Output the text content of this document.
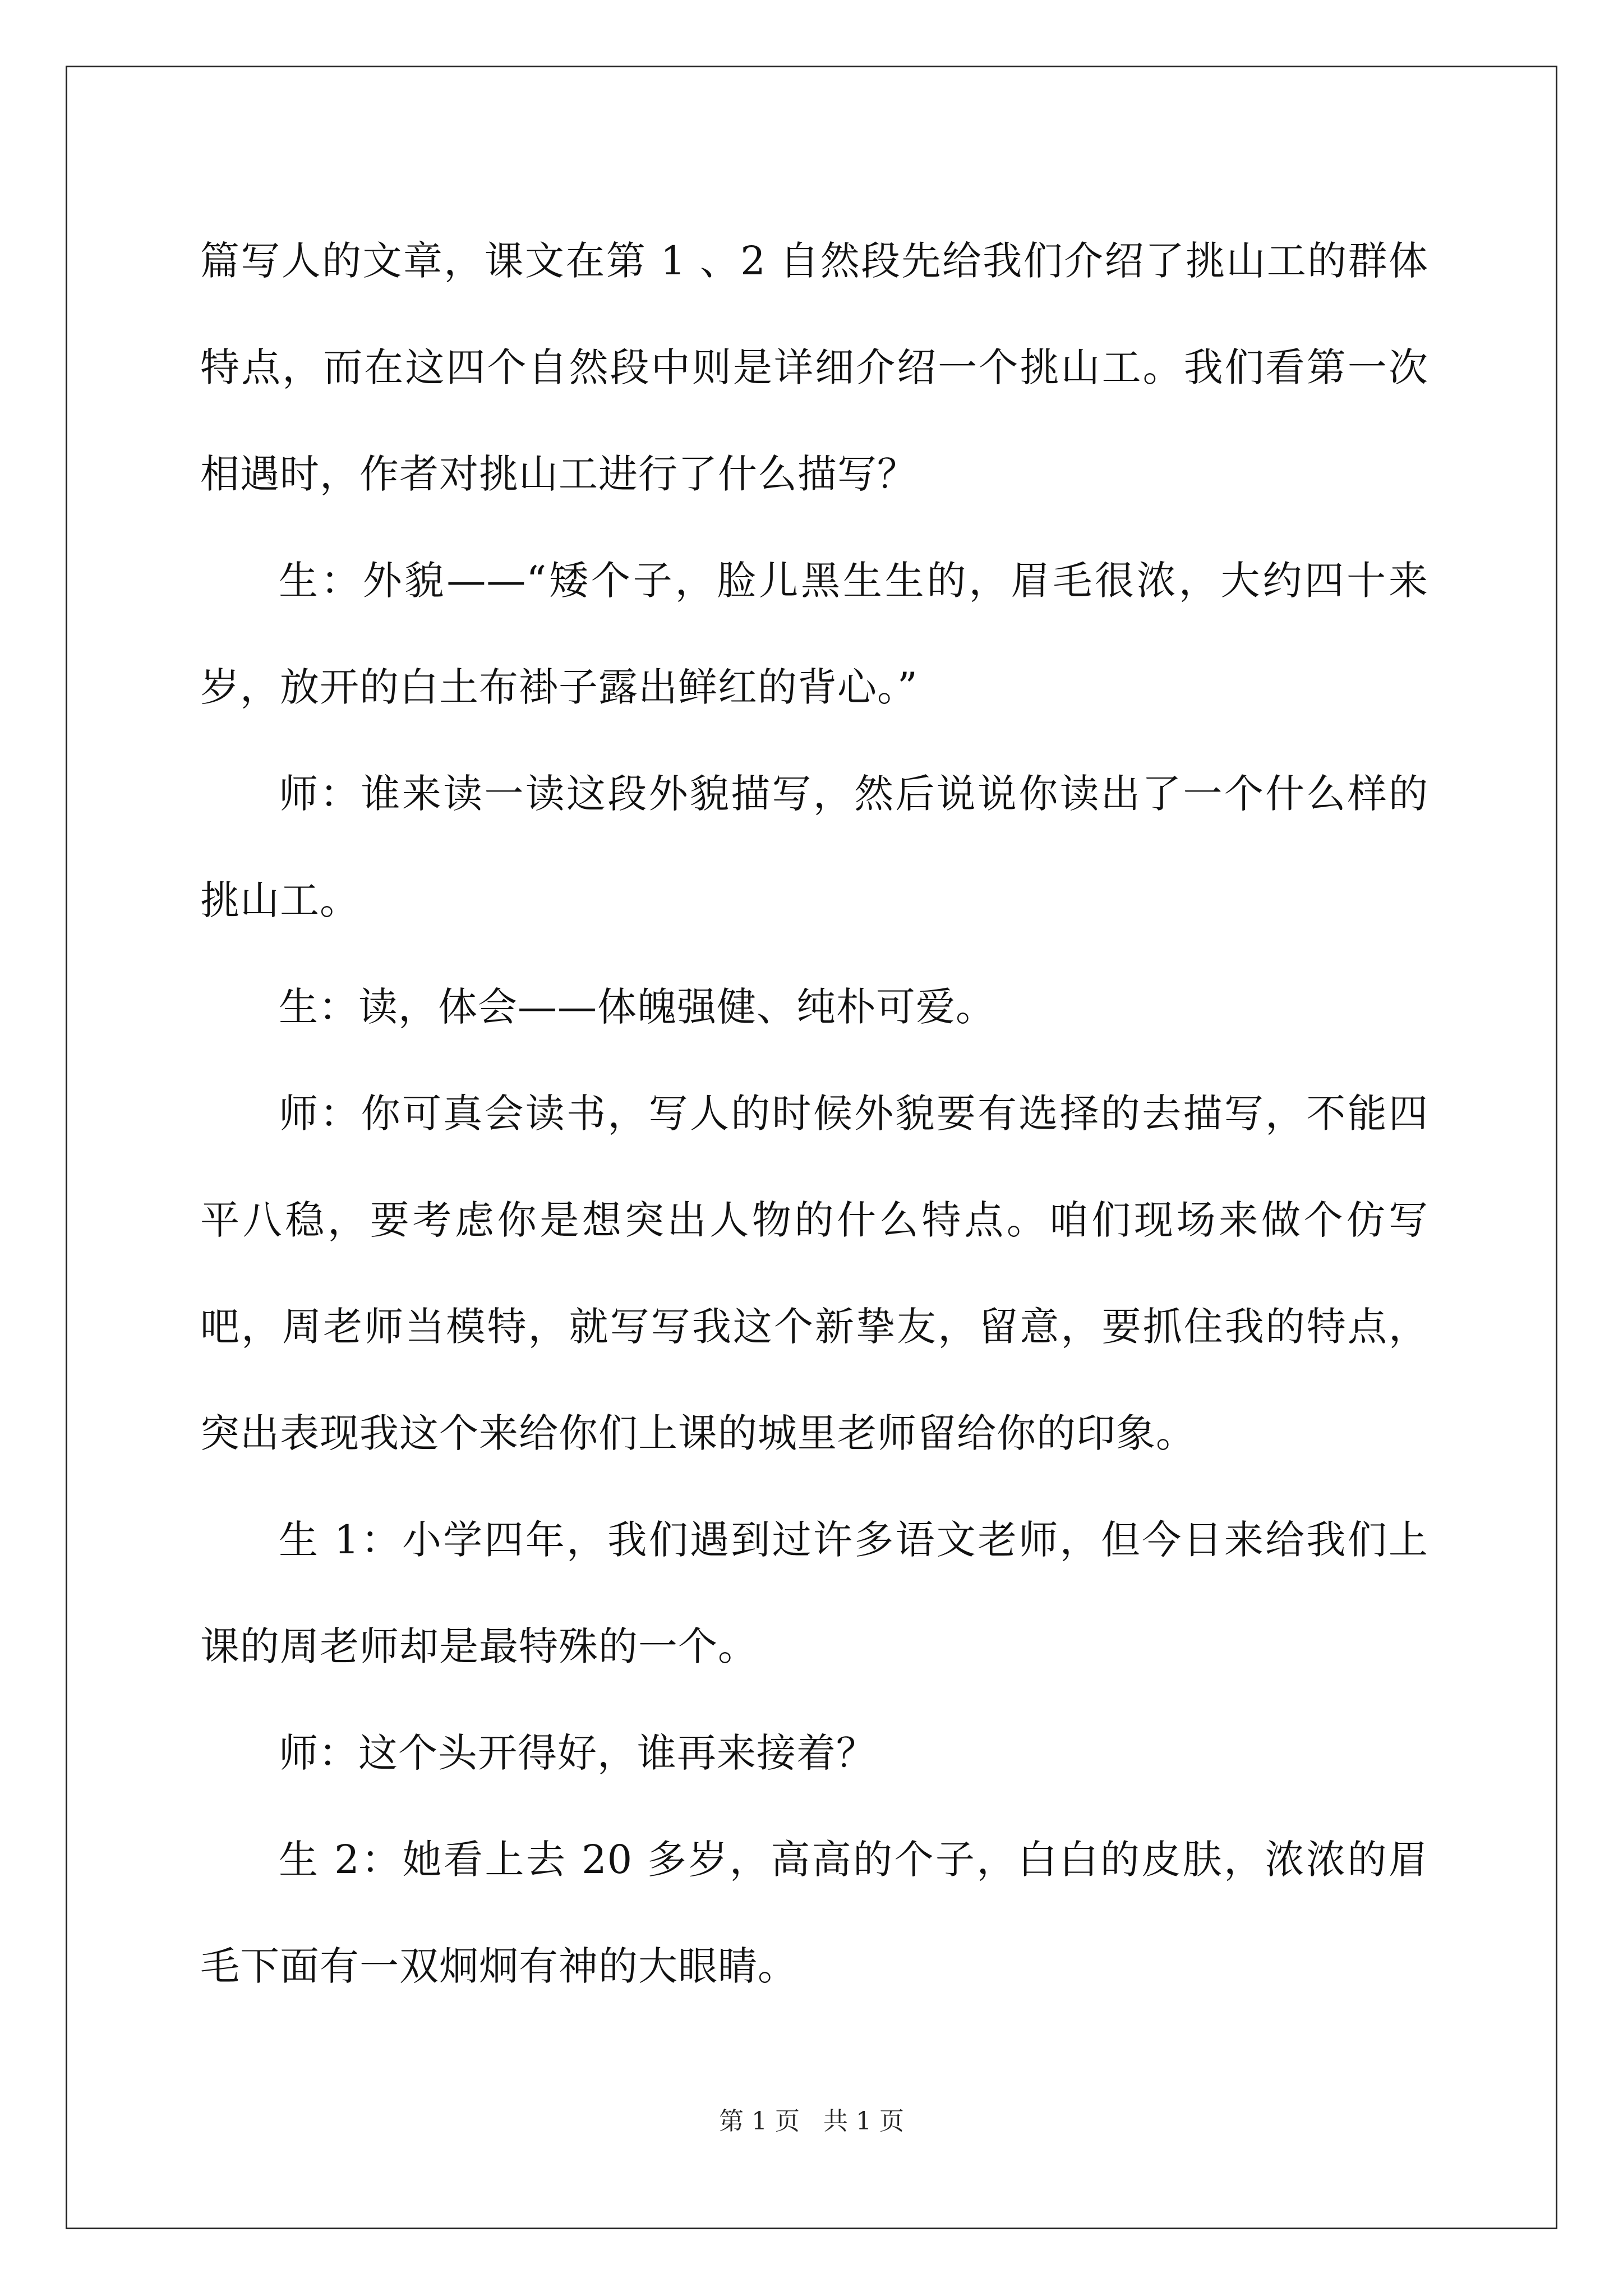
篇写人的文章，课文在第 1 、2 自然段先给我们介绍了挑山工的群体特点，而在这四个自然段中则是详细介绍一个挑山工。我们看第一次相遇时，作者对挑山工进行了什么描写？

生：外貌——“矮个子，脸儿黑生生的，眉毛很浓，大约四十来岁，放开的白土布褂子露出鲜红的背心。”

师：谁来读一读这段外貌描写，然后说说你读出了一个什么样的挑山工。

生：读，体会——体魄强健、纯朴可爱。

师：你可真会读书，写人的时候外貌要有选择的去描写，不能四平八稳，要考虑你是想突出人物的什么特点。咱们现场来做个仿写吧，周老师当模特，就写写我这个新挚友，留意，要抓住我的特点，突出表现我这个来给你们上课的城里老师留给你的印象。

生 1：小学四年，我们遇到过许多语文老师，但今日来给我们上课的周老师却是最特殊的一个。

师：这个头开得好，谁再来接着？

生 2：她看上去 20 多岁，高高的个子，白白的皮肤，浓浓的眉毛下面有一双炯炯有神的大眼睛。

第 1 页   共 1 页
